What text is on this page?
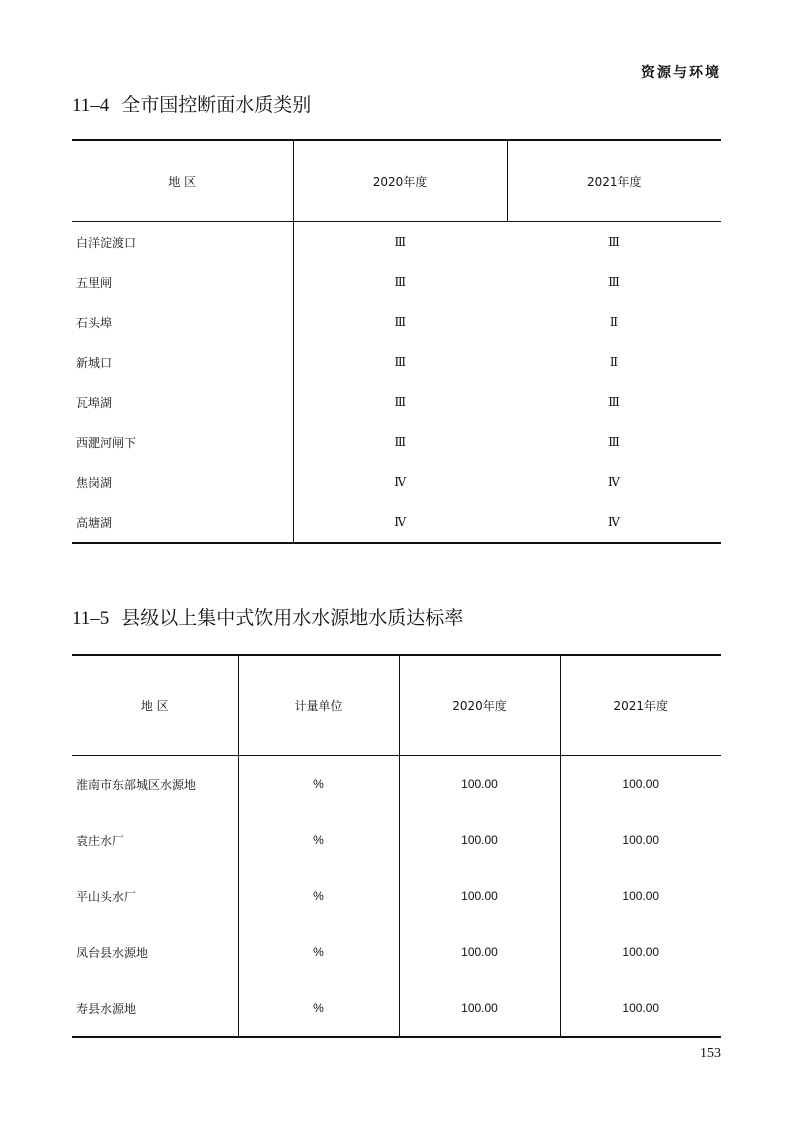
资源与环境
11–4 全市国控断面水质类别
地 区	2020年度	2021年度
白洋淀渡口	Ⅲ	Ⅲ
五里闸	Ⅲ	Ⅲ
石头埠	Ⅲ	Ⅱ
新城口	Ⅲ	Ⅱ
瓦埠湖	Ⅲ	Ⅲ
西淝河闸下	Ⅲ	Ⅲ
焦岗湖	Ⅳ	Ⅳ
高塘湖	Ⅳ	Ⅳ
11–5 县级以上集中式饮用水水源地水质达标率
地 区	计量单位	2020年度	2021年度
淮南市东部城区水源地	%	100.00	100.00
袁庄水厂	%	100.00	100.00
平山头水厂	%	100.00	100.00
凤台县水源地	%	100.00	100.00
寿县水源地	%	100.00	100.00
153
